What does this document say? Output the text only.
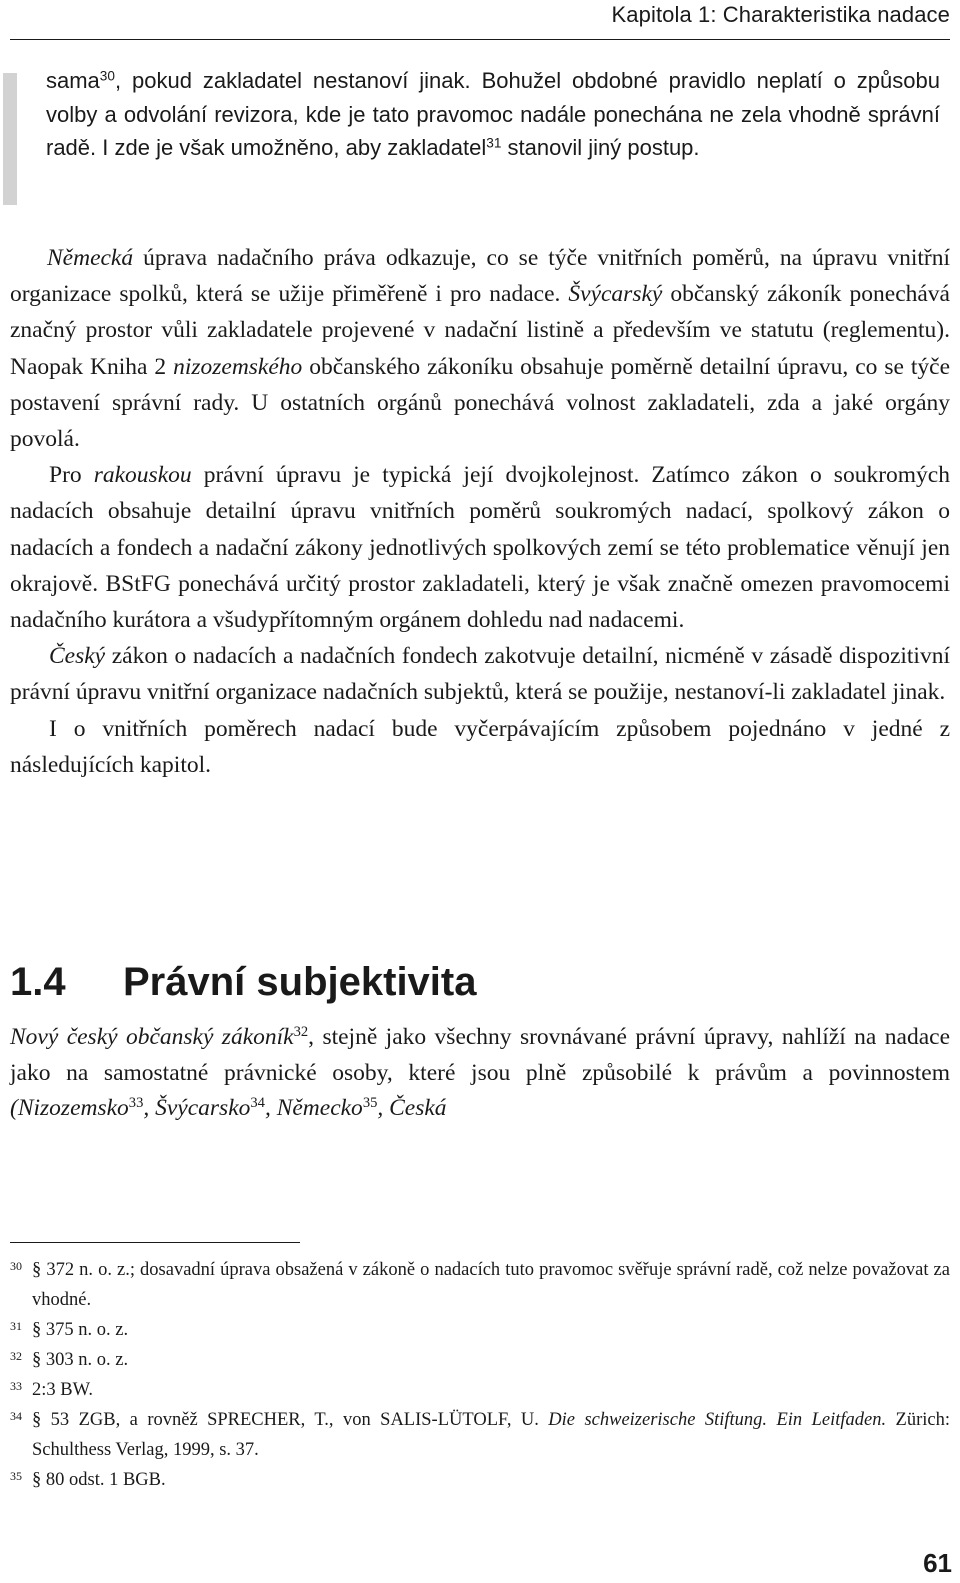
Kapitola 1: Charakteristika nadace
sama$^{30}$, pokud zakladatel nestanoví jinak. Bohužel obdobné pravidlo neplatí o způsobu volby a odvolání revizora, kde je tato pravomoc nadále ponechána ne zela vhodně správní radě. I zde je však umožněno, aby zakladatel$^{31}$ stanovil jiný postup.

Německá úprava nadačního práva odkazuje, co se týče vnitřních poměrů, na úpravu vnitřní organizace spolků, která se užije přiměřeně i pro nadace. Švýcarský občanský zákoník ponechává značný prostor vůli zakladatele projevené v nadační listině a především ve statutu (reglementu). Naopak Kniha 2 nizozemského občanského zákoníku obsahuje poměrně detailní úpravu, co se týče postavení správní rady. U ostatních orgánů ponechává volnost zakladateli, zda a jaké orgány povolá.

Pro rakouskou právní úpravu je typická její dvojkolejnost. Zatímco zákon o soukromých nadacích obsahuje detailní úpravu vnitřních poměrů soukromých nadací, spolkový zákon o nadacích a fondech a nadační zákony jednotlivých spolkových zemí se této problematice věnují jen okrajově. BStFG ponechává určitý prostor zakladateli, který je však značně omezen pravomocemi nadačního kurátora a všudypřítomným orgánem dohledu nad nadacemi.

Český zákon o nadacích a nadačních fondech zakotvuje detailní, nicméně v zásadě dispozitivní právní úpravu vnitřní organizace nadačních subjektů, která se použije, nestanoví-li zakladatel jinak.

I o vnitřních poměrech nadací bude vyčerpávajícím způsobem pojednáno v jedné z následujících kapitol.

1.4 Právní subjektivita

Nový český občanský zákoník$^{32}$, stejně jako všechny srovnávané právní úpravy, nahlíží na nadace jako na samostatné právnické osoby, které jsou plně způsobilé k právům a povinnostem (Nizozemsko$^{33}$, Švýcarsko$^{34}$, Německo$^{35}$, Česká

30 § 372 n. o. z.; dosavadní úprava obsažená v zákoně o nadacích tuto pravomoc svěřuje správní radě, což nelze považovat za vhodné.
31 § 375 n. o. z.
32 § 303 n. o. z.
33 2:3 BW.
34 § 53 ZGB, a rovněž SPRECHER, T., von SALIS-LÜTOLF, U. Die schweizerische Stiftung. Ein Leitfaden. Zürich: Schulthess Verlag, 1999, s. 37.
35 § 80 odst. 1 BGB.
61
